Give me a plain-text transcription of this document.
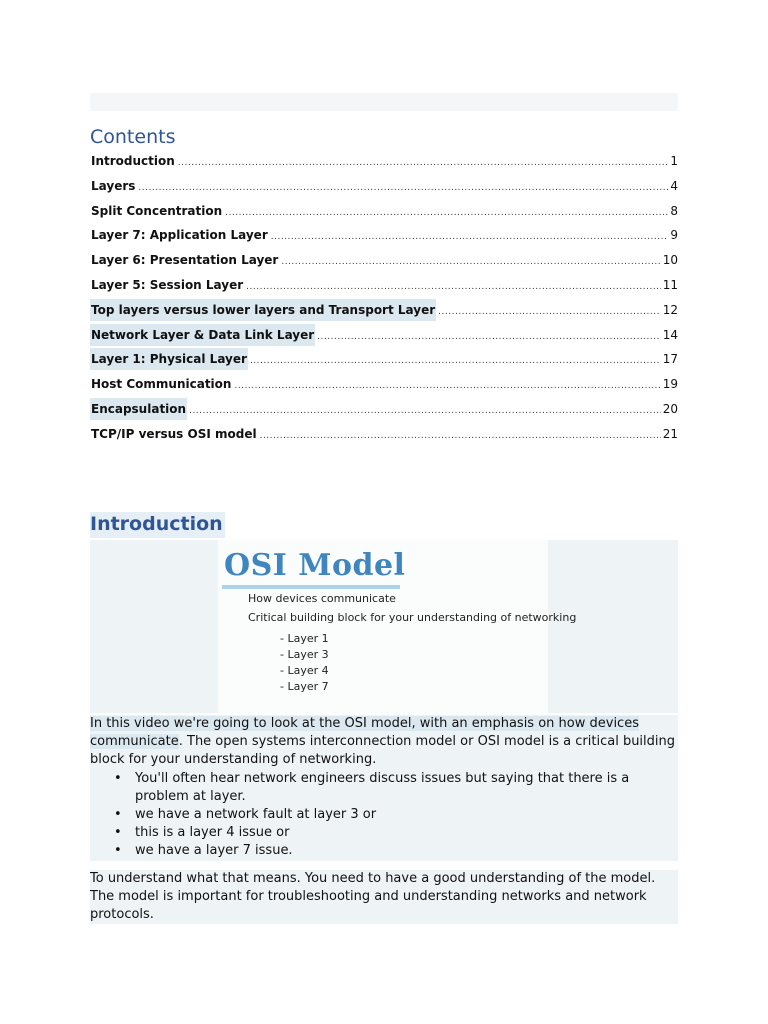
Contents
Introduction .....	1
Layers .....	4
Split Concentration .....	8
Layer 7: Application Layer .....	9
Layer 6: Presentation Layer .....	10
Layer 5: Session Layer .....	11
Top layers versus lower layers and Transport Layer .....	12
Network Layer & Data Link Layer .....	14
Layer 1: Physical Layer .....	17
Host Communication .....	19
Encapsulation .....	20
TCP/IP versus OSI model .....	21
Introduction
OSI Model
How devices communicate
Critical building block for your understanding of networking
- Layer 1
- Layer 3
- Layer 4
- Layer 7

In this video we're going to look at the OSI model, with an emphasis on how devices communicate. The open systems interconnection model or OSI model is a critical building block for your understanding of networking.

•	You'll often hear network engineers discuss issues but saying that there is a problem at layer.
•	we have a network fault at layer 3 or
•	this is a layer 4 issue or
•	we have a layer 7 issue.

To understand what that means. You need to have a good understanding of the model. The model is important for troubleshooting and understanding networks and network protocols.
